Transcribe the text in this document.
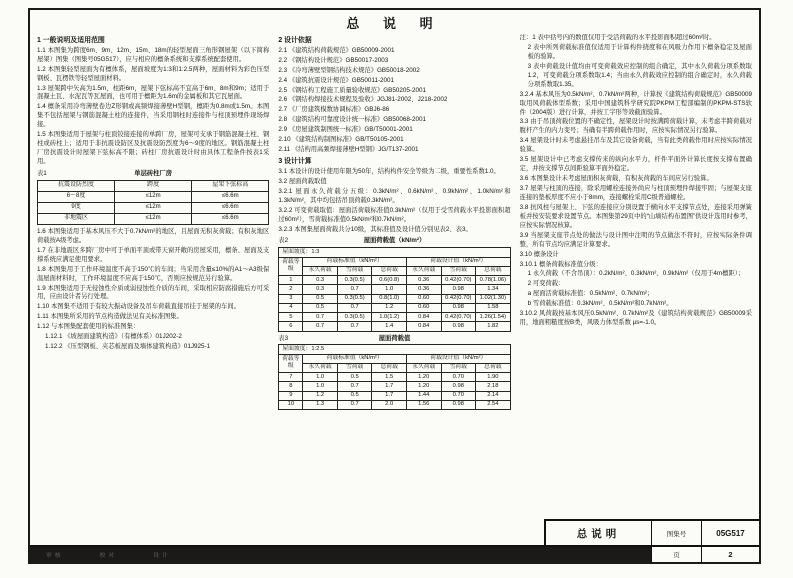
总 说 明
1 一般说明及适用范围
1.1 本图集为跨度6m、9m、12m、15m、18m的轻型屋面三角形钢屋架（以下简称屋架）图集（图集号05G517），应与相应的檩条系统和支撑系统配套使用。
1.2 本图集轻型屋面为有檩体系，屋面坡度为1:3和1:2.5两种，屋面材料为彩色压型钢板、瓦楞铁等轻型屋面材料。
1.3 屋架跨中矢高为1.5m，柱距6m，屋架下弦标高不宜高于6m、8m和9m；适用于混凝土瓦、水泥瓦等瓦屋面，也可用于檩距为1.6m的金属板和其它瓦屋面。
1.4 檩条采用冷弯薄壁卷边Z形钢或高频焊接薄壁H型钢，檩距为0.8m或1.5m。本图集不包括屋架与钢筋混凝土柱的连接件，当采用钢柱时连接件与柱顶预埋件现场焊接。
1.5 本图集适用于屋架与柱顶铰接连接的单跨厂房，屋架可支承于钢筋混凝土柱、钢柱或砖柱上；适用于非抗震设防区及抗震设防烈度为6～9度的地区。钢筋混凝土柱厂房抗震设计时屋架下弦标高不限；砖柱厂房抗震设计时由具体工程条件按表1采用。
表1	单层砖柱厂房
抗震设防烈度	跨度	屋架下弦标高
6～8度	≤12m	≤6.6m
9度	≤12m	≤6.6m
非地震区	≤12m	≤6.6m
1.6 本图集适用于基本风压不大于0.7kN/m²的地区，且屋面无积灰荷载；有积灰地区荷载按A级考虑。
1.7 在非地震区多跨厂房中可于单面平顶或带天窗开敞的房屋采用，檩条、屋面及支撑系统应满足使用要求。
1.8 本图集用于工作环境温度不高于150℃的车间；当采用含量≤10%的A1～A3级保温屋面材料时，工作环境温度不应高于150℃，否则应按规范另行验算。
1.9 本图集适用于无侵蚀性介质或弱侵蚀性介质的车间，采取相应防腐措施后方可采用，应由设计者另行处理。
1.10 本图集不适用于有较大振动设备及吊车荷载直接吊挂于屋架的车间。
1.11 本图集所采用的节点构造做法见有关标准图集。
1.12 与本图集配套使用的标准图集：
1.12.1 《坡屋面建筑构造》（有檩体系）01J202-2
1.12.2 《压型钢板、夹芯板屋面及墙体建筑构造》01J925-1
2 设计依据
2.1 《建筑结构荷载规范》GB50009-2001
2.2 《钢结构设计规范》GB50017-2003
2.3 《冷弯薄壁型钢结构技术规范》GB50018-2002
2.4 《建筑抗震设计规范》GB50011-2001
2.5 《钢结构工程施工质量验收规范》GB50205-2001
2.6 《钢结构焊接技术规程及验收》JGJ81-2002、J218-2002
2.7 《厂房建筑模数协调标准》GBJ6-86
2.8 《建筑结构可靠度设计统一标准》GB50068-2001
2.9 《房屋建筑制图统一标准》GB/T50001-2001
2.10 《建筑结构制图标准》GB/T50105-2001
2.11 《结构用高频焊接薄壁H型钢》JG/T137-2001
3 设计计算
3.1 本设计的设计使用年限为50年，结构构件安全等级为二级，重要性系数1.0。
3.2 屋面荷载取值
3.2.1 屋面永久荷载分五级：0.3kN/m²、0.6kN/m²、0.9kN/m²、1.0kN/m²和1.3kN/m²，其中均包括吊顶荷载0.3kN/m²。
3.2.2 可变荷载取值：屋面活荷载标准值0.3kN/m²（仅用于受雪荷载水平投影面积超过60m²），雪荷载标准值0.5kN/m²和0.7kN/m²。
3.2.3 本图集屋面荷载共分10级，其标准值及设计值分别见表2、表3。
表2	屋面荷载值（kN/m²）
屋面坡度：1:3						
荷载等级	荷载标准值（kN/m²）			荷载设计值（kN/m²）		
	永久荷载	雪荷载	总荷载	永久荷载	雪荷载	总荷载
1	0.3	0.3(0.5)	0.6(0.8)	0.36	0.42(0.70)	0.78(1.06)
2	0.3	0.7	1.0	0.36	0.98	1.34
3	0.5	0.3(0.5)	0.8(1.0)	0.60	0.42(0.70)	1.02(1.30)
4	0.5	0.7	1.2	0.60	0.98	1.58
5	0.7	0.3(0.5)	1.0(1.2)	0.84	0.42(0.70)	1.26(1.54)
6	0.7	0.7	1.4	0.84	0.98	1.82
表3	屋面荷载值
屋面坡度：1:2.5						
荷载等级	荷载标准值（kN/m²）			荷载设计值（kN/m²）		
	永久荷载	雪荷载	总荷载	永久荷载	雪荷载	总荷载
7	1.0	0.5	1.5	1.20	0.70	1.90
8	1.0	0.7	1.7	1.20	0.98	2.18
9	1.2	0.5	1.7	1.44	0.70	2.14
10	1.3	0.7	2.0	1.56	0.98	2.54
注：1 表中括号内的数值仅用于受活荷载的水平投影面积超过60m²时。
2 表中所列荷载标准值仅适用于计算构件挠度和在风吸力作用下檩条稳定及屋面板的验算。
3 表中荷载设计值均由可变荷载效应控制的组合确定，其中永久荷载分项系数取1.2，可变荷载分项系数取1.4；当由永久荷载效应控制的组合确定时，永久荷载分项系数取1.35。
3.2.4 基本风压为0.5kN/m²、0.7kN/m²两种，计算按《建筑结构荷载规范》GB50009取用风荷载体型系数；采用中国建筑科学研究院PKPM工程部编制的PKPM-STS软件（2004版）进行计算，并按工字形等效截面验算。
3.3 由于吊顶荷载位置的不确定性，屋架设计时按满跨荷载计算，未考虑半跨荷载对腹杆产生的内力变号；当确有半跨荷载作用时，应按实际情况另行验算。
3.4 屋架设计时未考虑悬挂吊车及其它设备荷载，当有此类荷载作用时应按实际情况验算。
3.5 屋架设计中已考虑支撑传来的纵向水平力，杆件平面外计算长度按支撑布置确定，并按支撑节点间距验算平面外稳定。
3.6 本图集设计未考虑屋面积灰荷载，有积灰荷载的车间应另行验算。
3.7 屋架与柱顶的连接，除采用螺栓连接外尚应与柱顶预埋件焊接牢固；与屋架支座连接的垫板厚度不应小于8mm，连接螺栓采用C级普通螺栓。
3.8 抗风柱与屋架上、下弦的连接应分别设置于横向水平支撑节点处，连接采用弹簧板并按安装要求设置节点。本图集第29页中的“山墙结构布置图”供设计选用时参考，应按实际情况核算。
3.9 当屋架支座节点处的做法与设计图中注明的节点做法不符时，应按实际条件调整，所有节点均应满足计算要求。
3.10 檩条设计
3.10.1 檩条荷载标准值分级：
1 永久荷载（不含吊顶）：0.2kN/m²、0.3kN/m²、0.9kN/m²（仅用于4m檩距）；
2 可变荷载：
a 屋面活荷载标准值：0.5kN/m²、0.7kN/m²；
b 雪荷载标准值：0.3kN/m²、0.5kN/m²和0.7kN/m²。
3.10.2 风荷载按基本风压0.5kN/m²、0.7kN/m²及《建筑结构荷载规范》GB50009采用，地面粗糙度按B类，风吸力体型系数 μs=-1.0。
总说明	图集号	05G517
审核	校对	设计	页	2
